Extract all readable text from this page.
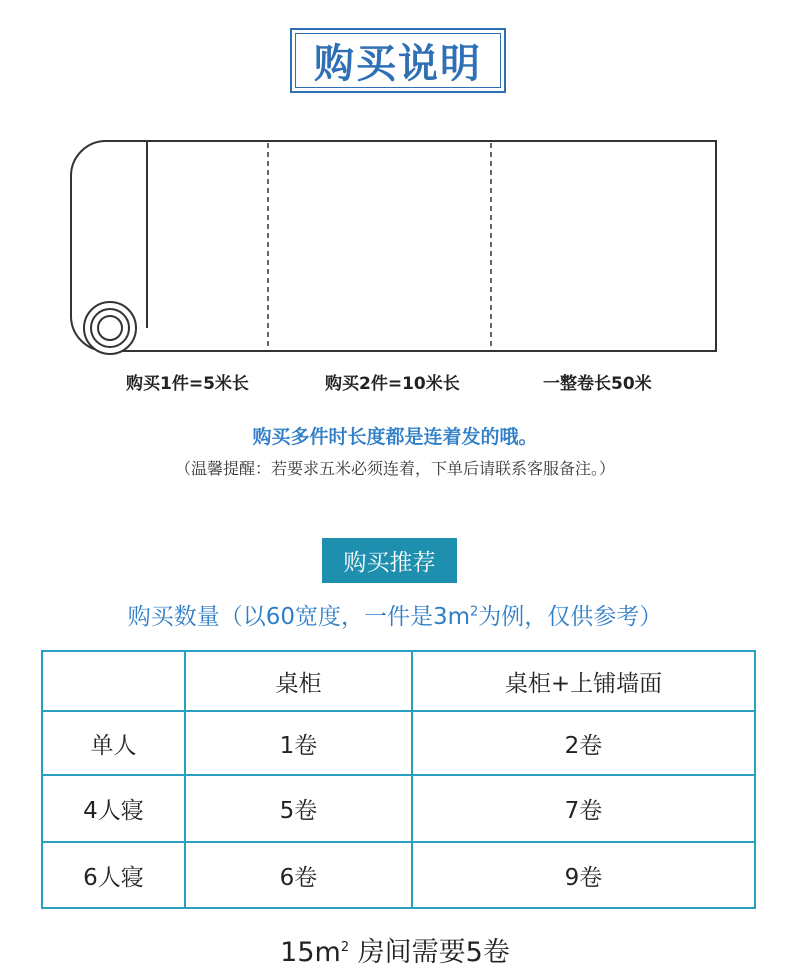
购买说明
购买1件=5米长	购买2件=10米长	一整卷长50米
购买多件时长度都是连着发的哦。
（温馨提醒：若要求五米必须连着，下单后请联系客服备注。）
购买推荐
购买数量（以60宽度，一件是$3m^2$为例，仅供参考）
	桌柜	桌柜+上铺墙面
单人	1卷	2卷
4人寝	5卷	7卷
6人寝	6卷	9卷
$15m^2$ 房间需要5卷
